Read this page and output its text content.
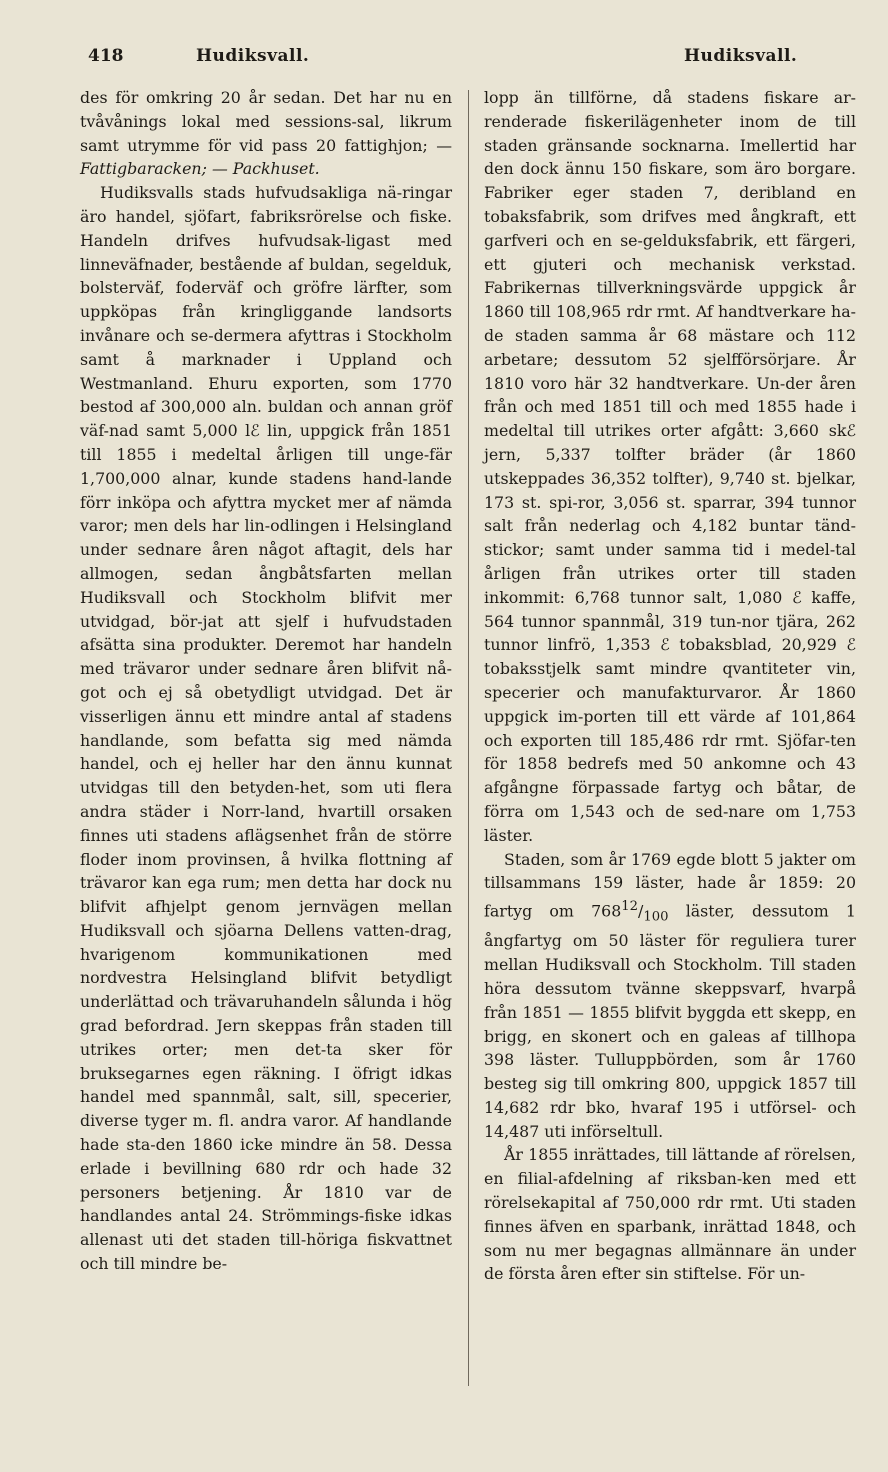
418	Hudiksvall.	Hudiksvall.

des för omkring 20 år sedan. Det har nu en tvåvånings lokal med sessions-sal, likrum samt utrymme för vid pass 20 fattighjon; — Fattigbaracken; — Packhuset.

Hudiksvalls stads hufvudsakliga nä-ringar äro handel, sjöfart, fabriksrörelse och fiske. Handeln drifves hufvudsak-ligast med linneväfnader, bestående af buldan, segelduk, bolsterväf, foderväf och gröfre lärfter, som uppköpas från kringliggande landsorts invånare och se-dermera afyttras i Stockholm samt å marknader i Uppland och Westmanland. Ehuru exporten, som 1770 bestod af 300,000 aln. buldan och annan gröf väf-nad samt 5,000 lℰ lin, uppgick från 1851 till 1855 i medeltal årligen till unge-fär 1,700,000 alnar, kunde stadens hand-lande förr inköpa och afyttra mycket mer af nämda varor; men dels har lin-odlingen i Helsingland under sednare åren något aftagit, dels har allmogen, sedan ångbåtsfarten mellan Hudiksvall och Stockholm blifvit mer utvidgad, bör-jat att sjelf i hufvudstaden afsätta sina produkter. Deremot har handeln med trävaror under sednare åren blifvit nå-got och ej så obetydligt utvidgad. Det är visserligen ännu ett mindre antal af stadens handlande, som befatta sig med nämda handel, och ej heller har den ännu kunnat utvidgas till den betyden-het, som uti flera andra städer i Norr-land, hvartill orsaken finnes uti stadens aflägsenhet från de större floder inom provinsen, å hvilka flottning af trävaror kan ega rum; men detta har dock nu blifvit afhjelpt genom jernvägen mellan Hudiksvall och sjöarna Dellens vatten-drag, hvarigenom kommunikationen med nordvestra Helsingland blifvit betydligt underlättad och trävaruhandeln sålunda i hög grad befordrad. Jern skeppas från staden till utrikes orter; men det-ta sker för bruksegarnes egen räkning. I öfrigt idkas handel med spannmål, salt, sill, specerier, diverse tyger m. fl. andra varor. Af handlande hade sta-den 1860 icke mindre än 58. Dessa erlade i bevillning 680 rdr och hade 32 personers betjening. År 1810 var de handlandes antal 24. Strömmings-fiske idkas allenast uti det staden till-höriga fiskvattnet och till mindre be-

lopp än tillförne, då stadens fiskare ar-renderade fiskerilägenheter inom de till staden gränsande socknarna. Imellertid har den dock ännu 150 fiskare, som äro borgare. Fabriker eger staden 7, deribland en tobaksfabrik, som drifves med ångkraft, ett garfveri och en se-gelduksfabrik, ett färgeri, ett gjuteri och mechanisk verkstad. Fabrikernas tillverkningsvärde uppgick år 1860 till 108,965 rdr rmt. Af handtverkare ha-de staden samma år 68 mästare och 112 arbetare; dessutom 52 sjelfförsörjare. År 1810 voro här 32 handtverkare. Un-der åren från och med 1851 till och med 1855 hade i medeltal till utrikes orter afgått: 3,660 skℰ jern, 5,337 tolfter bräder (år 1860 utskeppades 36,352 tolfter), 9,740 st. bjelkar, 173 st. spi-ror, 3,056 st. sparrar, 394 tunnor salt från nederlag och 4,182 buntar tänd-stickor; samt under samma tid i medel-tal årligen från utrikes orter till staden inkommit: 6,768 tunnor salt, 1,080 ℰ kaffe, 564 tunnor spannmål, 319 tun-nor tjära, 262 tunnor linfrö, 1,353 ℰ tobaksblad, 20,929 ℰ tobaksstjelk samt mindre qvantiteter vin, specerier och manufakturvaror. År 1860 uppgick im-porten till ett värde af 101,864 och exporten till 185,486 rdr rmt. Sjöfar-ten för 1858 bedrefs med 50 ankomne och 43 afgångne förpassade fartyg och båtar, de förra om 1,543 och de sed-nare om 1,753 läster.

Staden, som år 1769 egde blott 5 jakter om tillsammans 159 läster, hade år 1859: 20 fartyg om $768^{12}/_{100}$ läster, dessutom 1 ångfartyg om 50 läster för reguliera turer mellan Hudiksvall och Stockholm. Till staden höra dessutom tvänne skeppsvarf, hvarpå från 1851 — 1855 blifvit byggda ett skepp, en brigg, en skonert och en galeas af tillhopa 398 läster. Tulluppbörden, som år 1760 besteg sig till omkring 800, uppgick 1857 till 14,682 rdr bko, hvaraf 195 i utförsel- och 14,487 uti införseltull.

År 1855 inrättades, till lättande af rörelsen, en filial-afdelning af riksban-ken med ett rörelsekapital af 750,000 rdr rmt. Uti staden finnes äfven en sparbank, inrättad 1848, och som nu mer begagnas allmännare än under de första åren efter sin stiftelse. För un-
